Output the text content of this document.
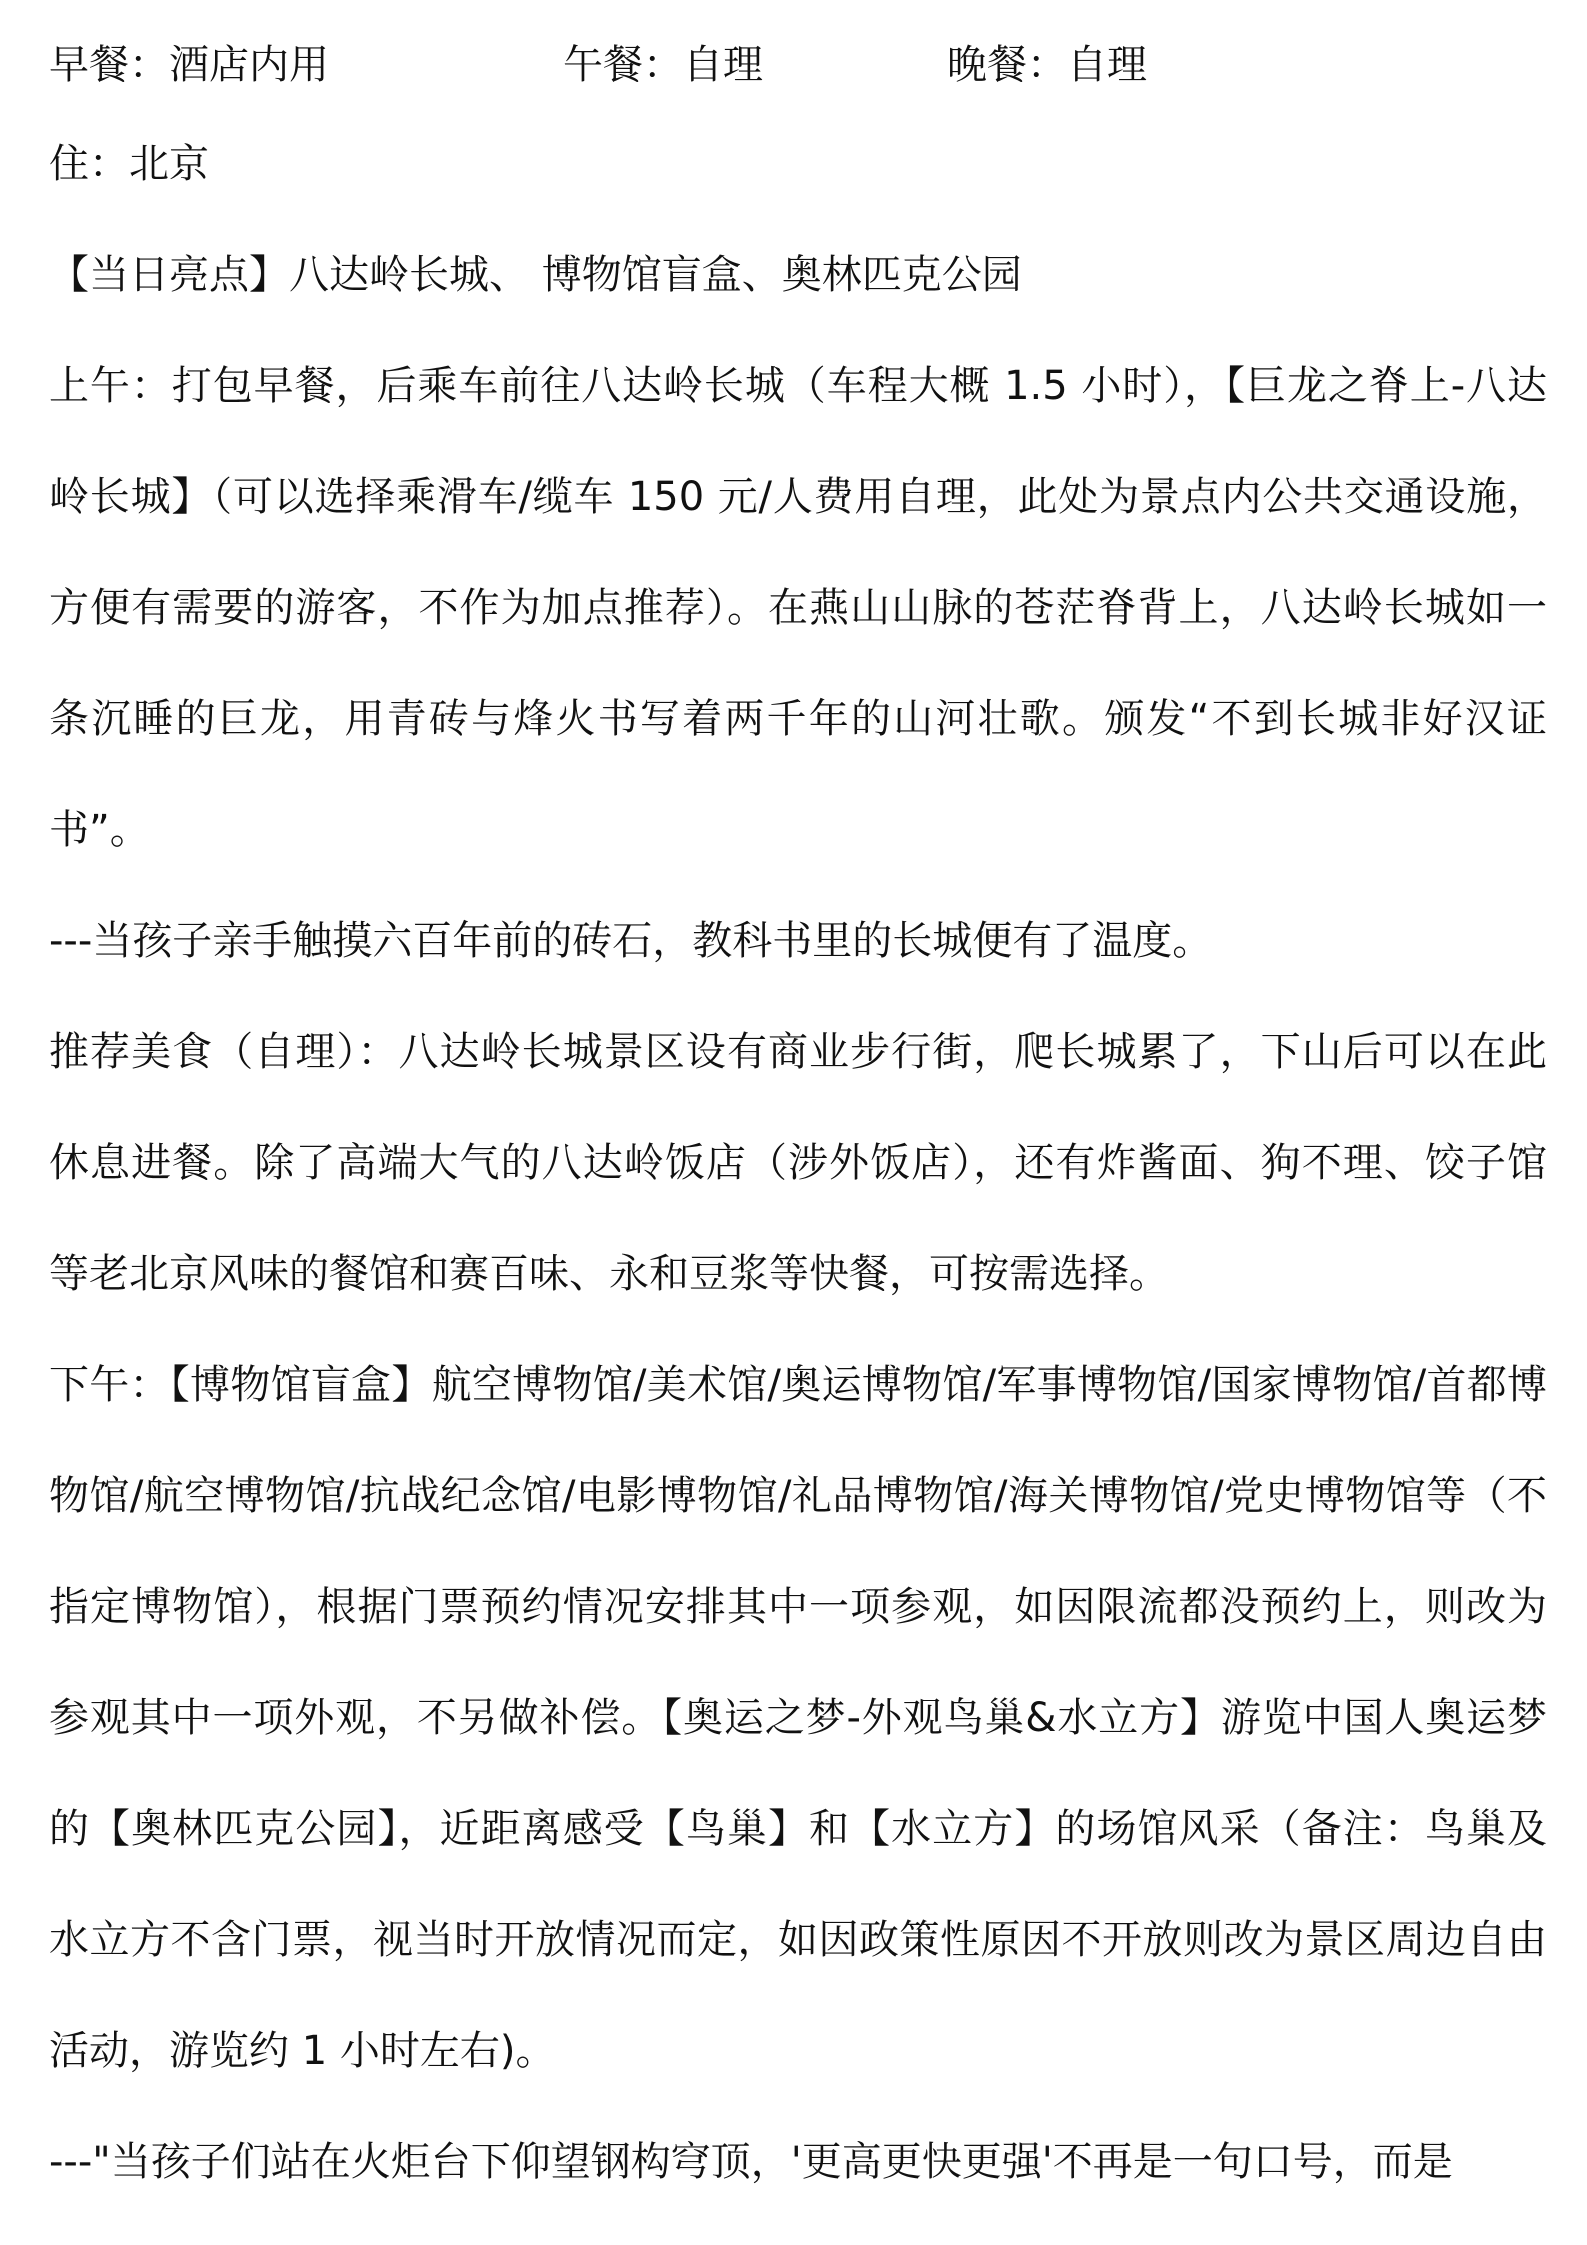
早餐：酒店内用	午餐：自理	晚餐：自理

住：北京

【当日亮点】八达岭长城、 博物馆盲盒、奥林匹克公园

上午：打包早餐，后乘车前往八达岭长城（车程大概 1.5 小时），【巨龙之脊上-八达岭长城】（可以选择乘滑车/缆车 150 元/人费用自理，此处为景点内公共交通设施，方便有需要的游客，不作为加点推荐）。在燕山山脉的苍茫脊背上，八达岭长城如一条沉睡的巨龙，用青砖与烽火书写着两千年的山河壮歌。颁发“不到长城非好汉证书”。

---当孩子亲手触摸六百年前的砖石，教科书里的长城便有了温度。

推荐美食（自理）：八达岭长城景区设有商业步行街，爬长城累了，下山后可以在此休息进餐。除了高端大气的八达岭饭店（涉外饭店），还有炸酱面、狗不理、饺子馆等老北京风味的餐馆和赛百味、永和豆浆等快餐，可按需选择。

下午：【博物馆盲盒】航空博物馆/美术馆/奥运博物馆/军事博物馆/国家博物馆/首都博物馆/航空博物馆/抗战纪念馆/电影博物馆/礼品博物馆/海关博物馆/党史博物馆等（不指定博物馆），根据门票预约情况安排其中一项参观，如因限流都没预约上，则改为参观其中一项外观，不另做补偿。【奥运之梦-外观鸟巢&水立方】游览中国人奥运梦的【奥林匹克公园】，近距离感受【鸟巢】和【水立方】的场馆风采（备注：鸟巢及水立方不含门票，视当时开放情况而定，如因政策性原因不开放则改为景区周边自由活动，游览约 1 小时左右)。

---"当孩子们站在火炬台下仰望钢构穹顶，'更高更快更强'不再是一句口号，而是
